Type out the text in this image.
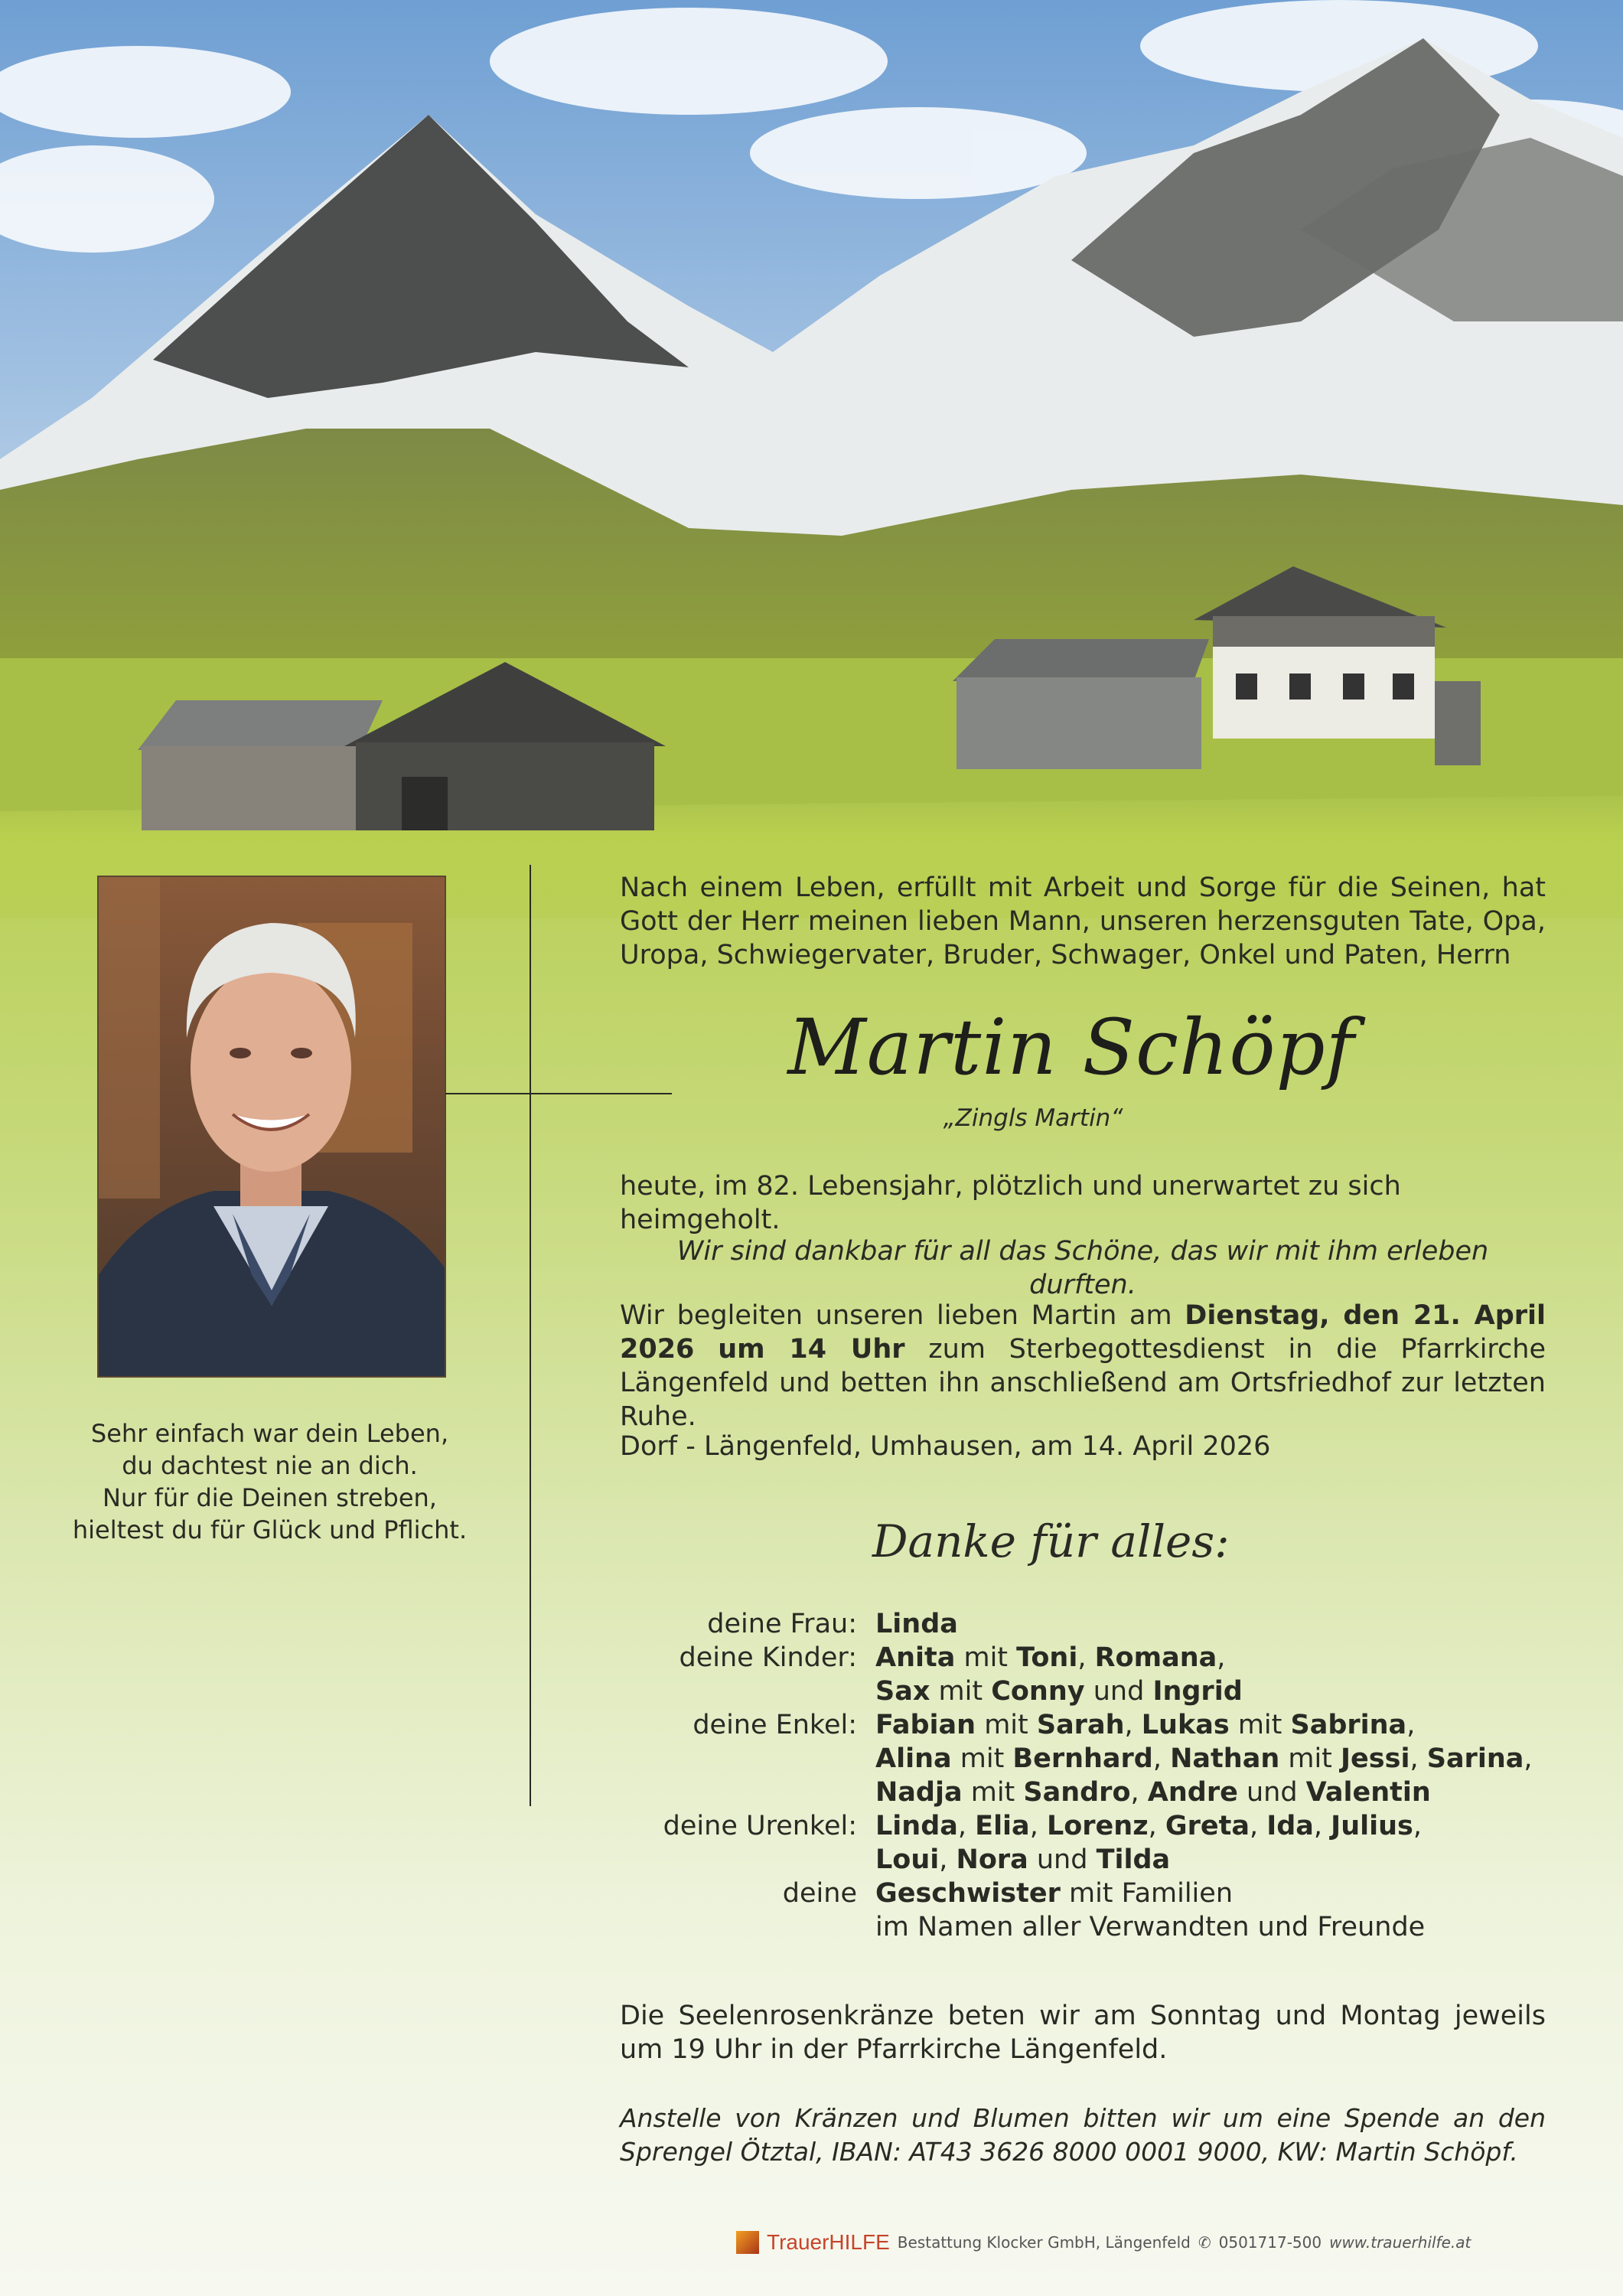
Sehr einfach war dein Leben,
du dachtest nie an dich.
Nur für die Deinen streben,
hieltest du für Glück und Pflicht.
Nach einem Leben, erfüllt mit Arbeit und Sorge für die Seinen, hat Gott der Herr meinen lieben Mann, unseren herzensguten Tate, Opa, Uropa, Schwiegervater, Bruder, Schwager, Onkel und Paten, Herrn
Martin Schöpf
„Zingls Martin“
heute, im 82. Lebensjahr, plötzlich und unerwartet zu sich heimgeholt.
Wir sind dankbar für all das Schöne, das wir mit ihm erleben durften.
Wir begleiten unseren lieben Martin am Dienstag, den 21. April 2026 um 14 Uhr zum Sterbegottesdienst in die Pfarrkirche Längenfeld und betten ihn anschließend am Ortsfriedhof zur letzten Ruhe.
Dorf - Längenfeld, Umhausen, am 14. April 2026
Danke für alles:
deine Frau: Linda
deine Kinder: Anita mit Toni, Romana,
Sax mit Conny und Ingrid
deine Enkel: Fabian mit Sarah, Lukas mit Sabrina,
Alina mit Bernhard, Nathan mit Jessi, Sarina,
Nadja mit Sandro, Andre und Valentin
deine Urenkel: Linda, Elia, Lorenz, Greta, Ida, Julius,
Loui, Nora und Tilda
deine Geschwister mit Familien
im Namen aller Verwandten und Freunde
Die Seelenrosenkränze beten wir am Sonntag und Montag jeweils um 19 Uhr in der Pfarrkirche Längenfeld.
Anstelle von Kränzen und Blumen bitten wir um eine Spende an den Sprengel Ötztal, IBAN: AT43 3626 8000 0001 9000, KW: Martin Schöpf.
TrauerHILFE Bestattung Klocker GmbH, Längenfeld ✆ 0501717-500 www.trauerhilfe.at
